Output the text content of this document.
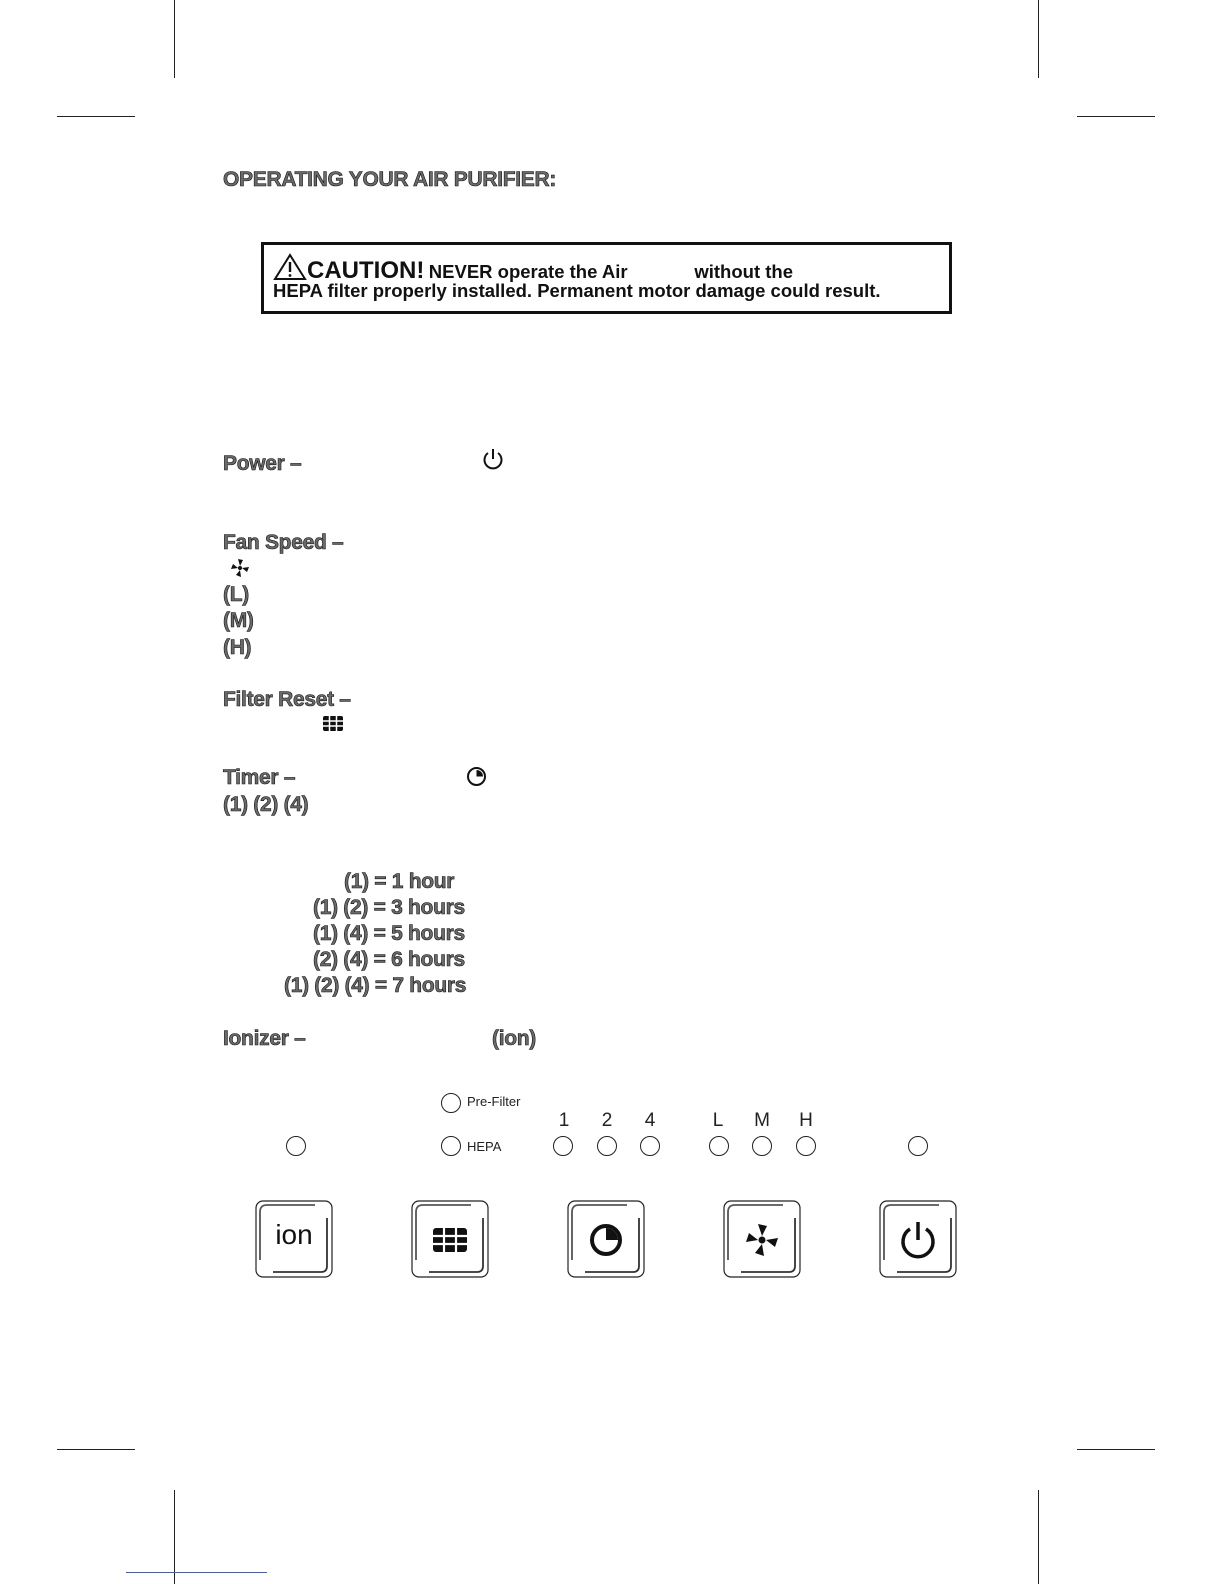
OPERATING YOUR AIR PURIFIER:
CAUTION! NEVER operate the Air             without the
HEPA filter properly installed. Permanent motor damage could result.
Power –
Fan Speed –
(L)
(M)
(H)
Filter Reset –
Timer –
(1) (2) (4)
(1) = 1 hour
(1) (2) = 3 hours
(1) (4) = 5 hours
(2) (4) = 6 hours
(1) (2) (4) = 7 hours
Ionizer –	(ion)
Pre-Filter
HEPA
1	2	4	L	M	H
ion
